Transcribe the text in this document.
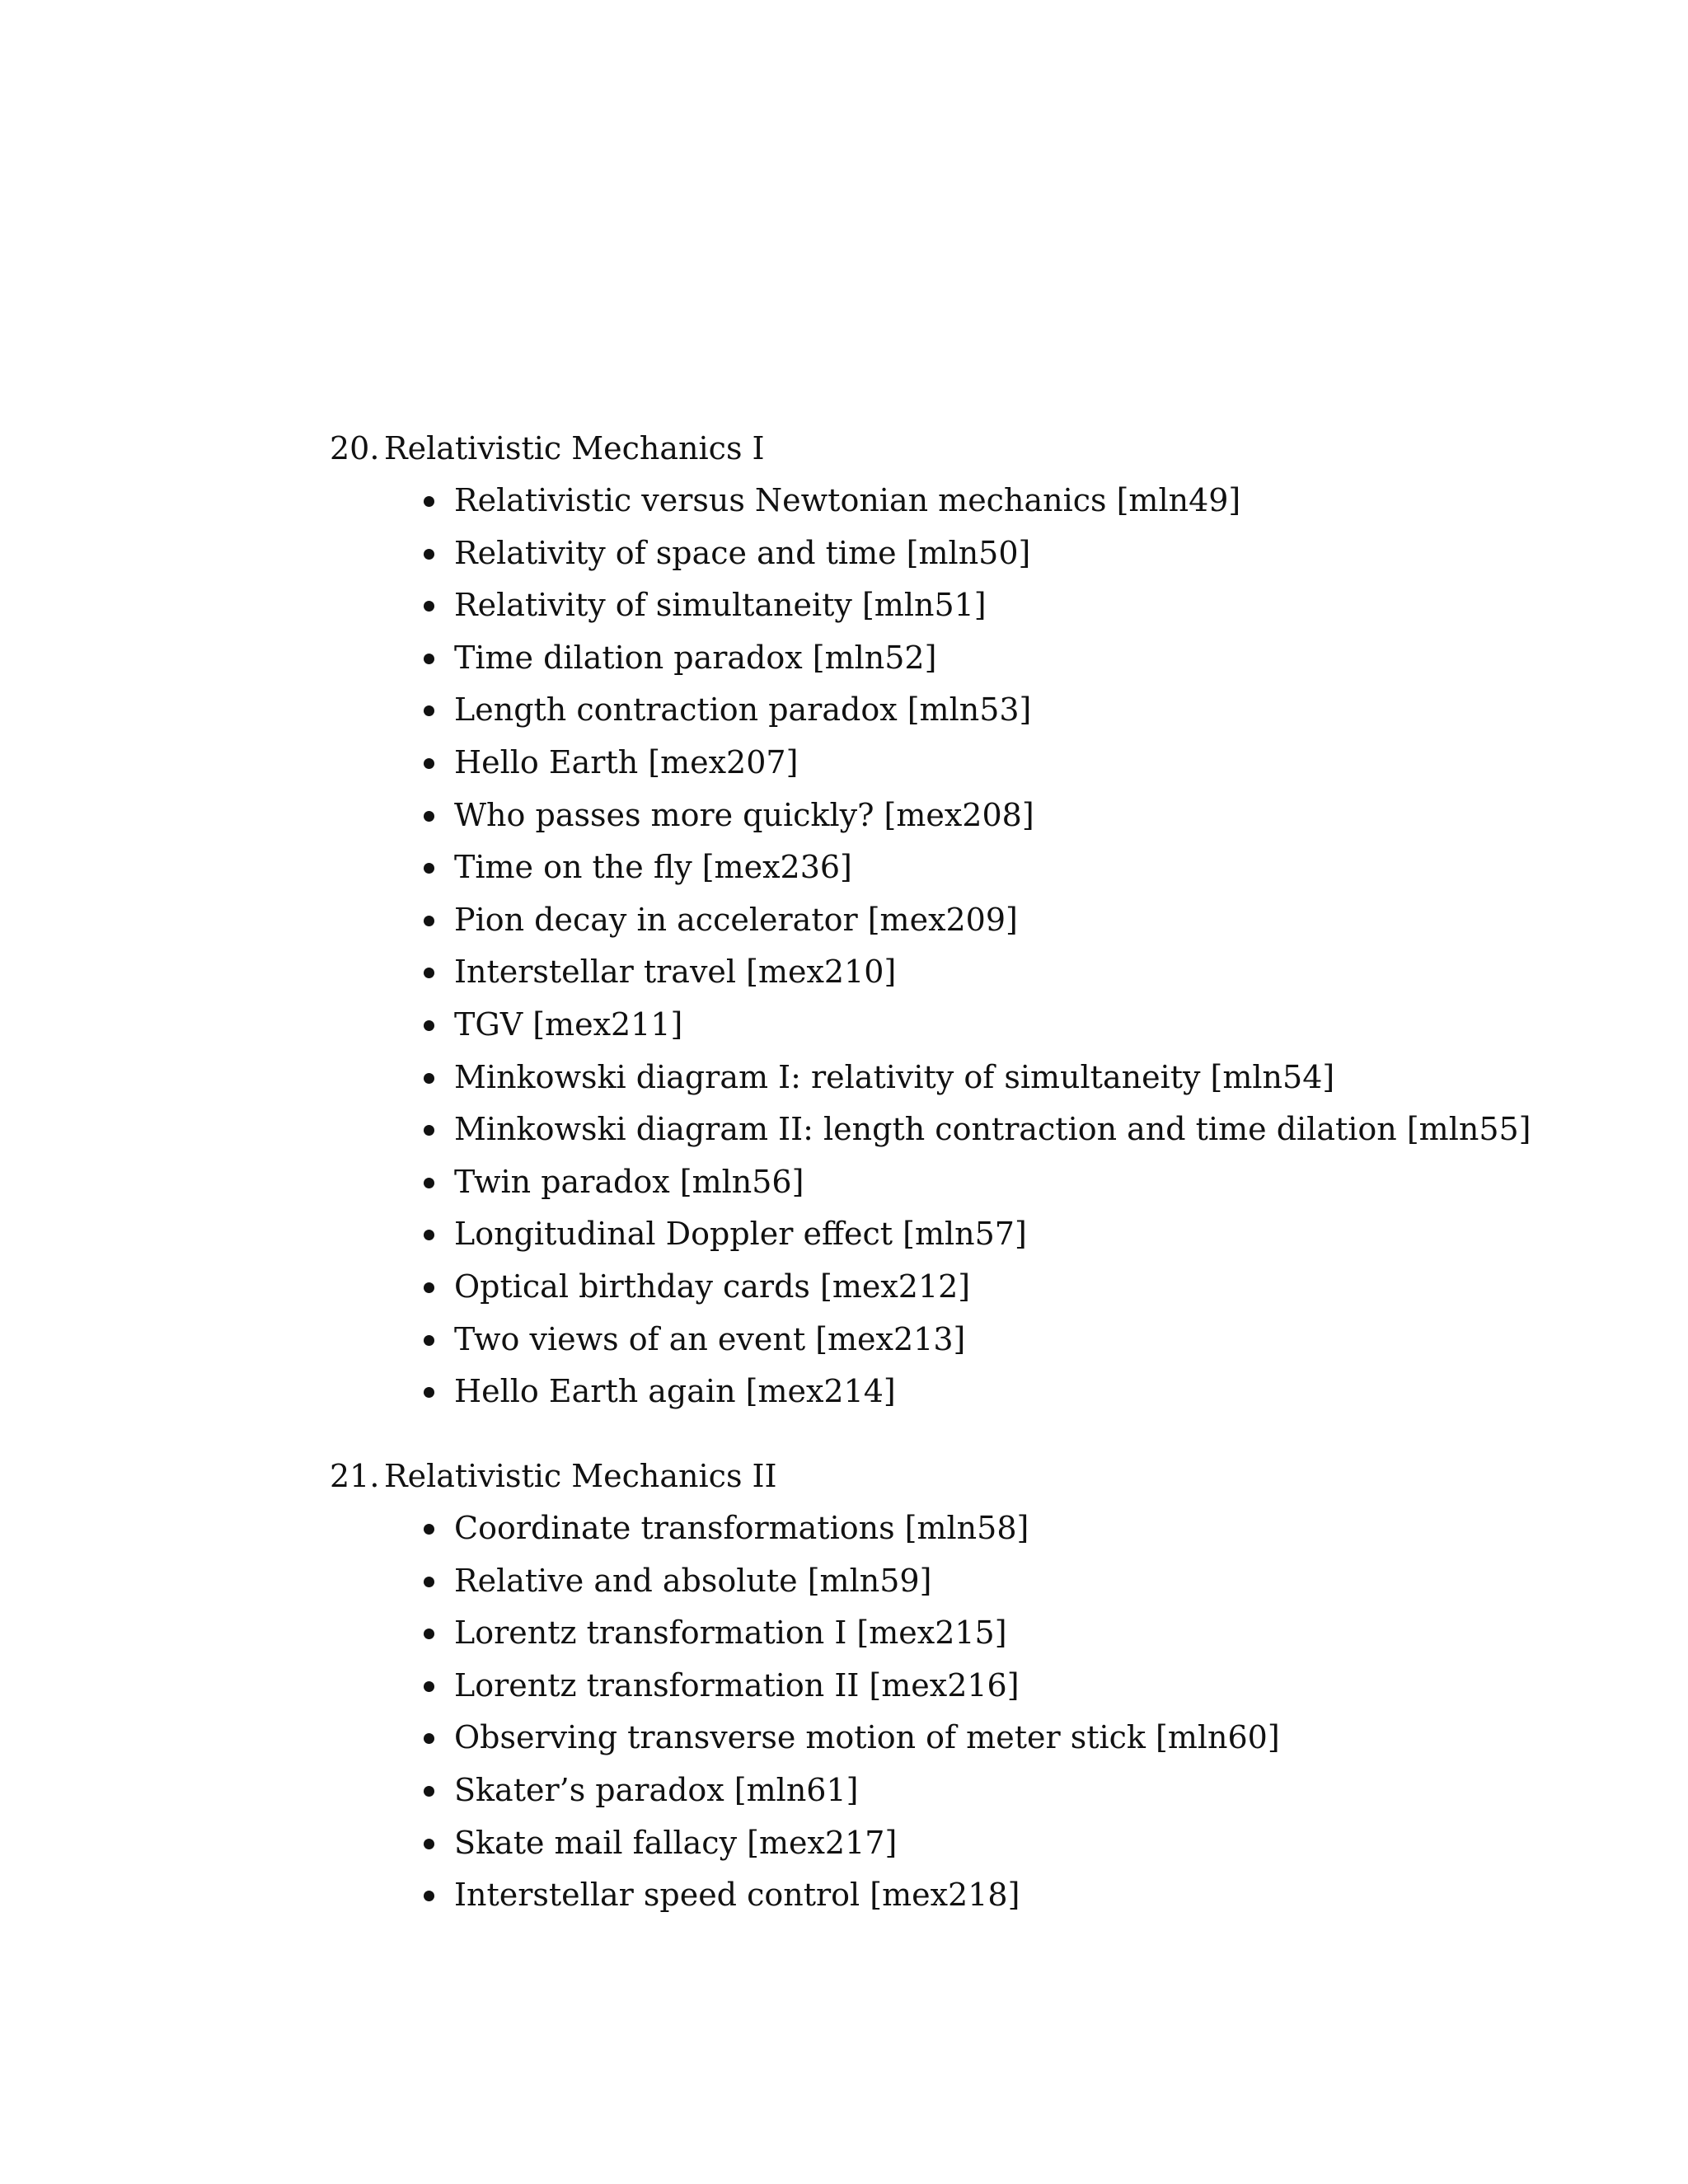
20. Relativistic Mechanics I
Relativistic versus Newtonian mechanics [mln49]
Relativity of space and time [mln50]
Relativity of simultaneity [mln51]
Time dilation paradox [mln52]
Length contraction paradox [mln53]
Hello Earth [mex207]
Who passes more quickly? [mex208]
Time on the fly [mex236]
Pion decay in accelerator [mex209]
Interstellar travel [mex210]
TGV [mex211]
Minkowski diagram I: relativity of simultaneity [mln54]
Minkowski diagram II: length contraction and time dilation [mln55]
Twin paradox [mln56]
Longitudinal Doppler effect [mln57]
Optical birthday cards [mex212]
Two views of an event [mex213]
Hello Earth again [mex214]
21. Relativistic Mechanics II
Coordinate transformations [mln58]
Relative and absolute [mln59]
Lorentz transformation I [mex215]
Lorentz transformation II [mex216]
Observing transverse motion of meter stick [mln60]
Skater’s paradox [mln61]
Skate mail fallacy [mex217]
Interstellar speed control [mex218]
